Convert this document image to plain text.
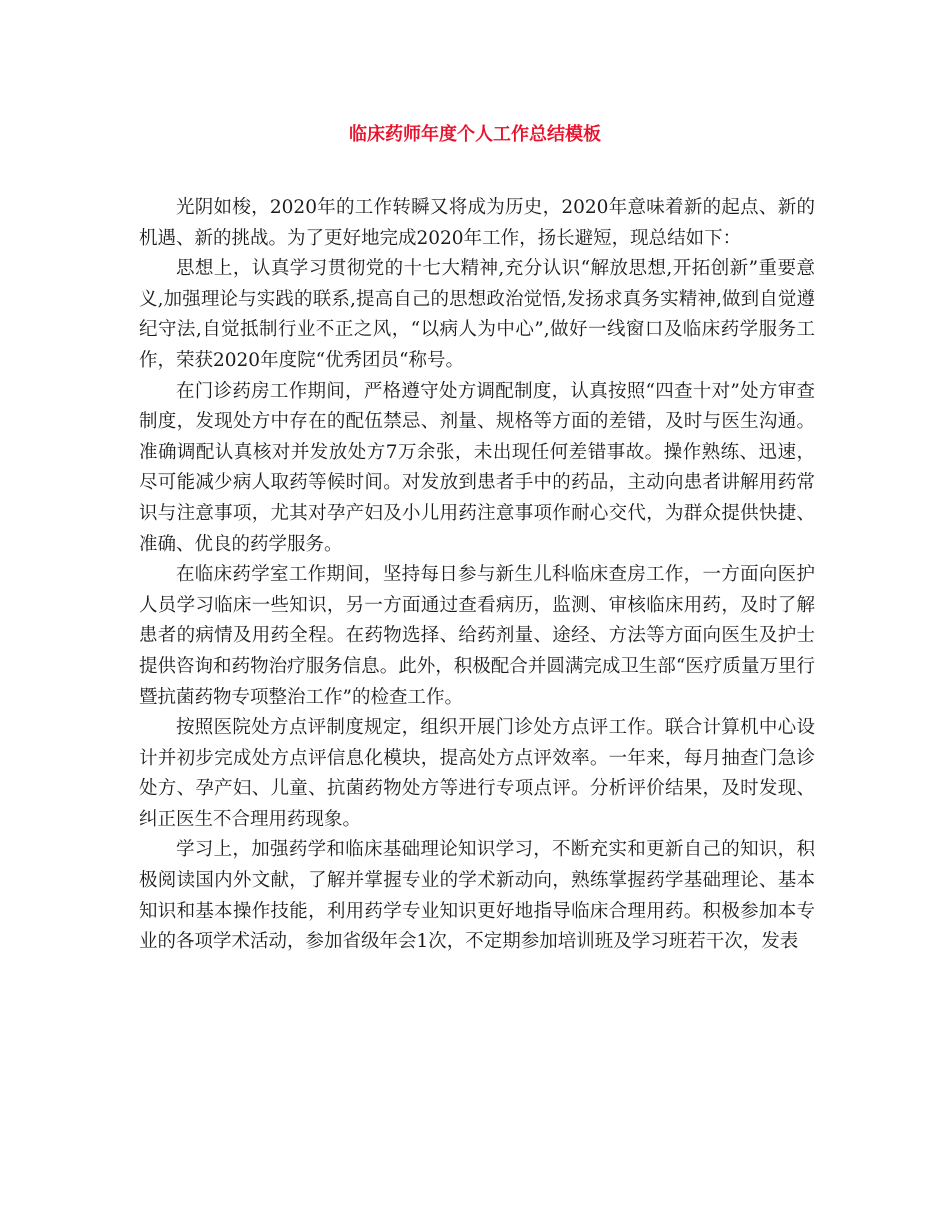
临床药师年度个人工作总结模板

光阴如梭，2020年的工作转瞬又将成为历史，2020年意味着新的起点、新的机遇、新的挑战。为了更好地完成2020年工作，扬长避短，现总结如下：

思想上，认真学习贯彻党的十七大精神,充分认识“解放思想,开拓创新”重要意义,加强理论与实践的联系,提高自己的思想政治觉悟,发扬求真务实精神,做到自觉遵纪守法,自觉抵制行业不正之风，“以病人为中心”,做好一线窗口及临床药学服务工作，荣获2020年度院“优秀团员“称号。

在门诊药房工作期间，严格遵守处方调配制度，认真按照“四查十对”处方审查制度，发现处方中存在的配伍禁忌、剂量、规格等方面的差错，及时与医生沟通。准确调配认真核对并发放处方7万余张，未出现任何差错事故。操作熟练、迅速，尽可能减少病人取药等候时间。对发放到患者手中的药品，主动向患者讲解用药常识与注意事项，尤其对孕产妇及小儿用药注意事项作耐心交代，为群众提供快捷、准确、优良的药学服务。

在临床药学室工作期间，坚持每日参与新生儿科临床查房工作，一方面向医护人员学习临床一些知识，另一方面通过查看病历，监测、审核临床用药，及时了解患者的病情及用药全程。在药物选择、给药剂量、途经、方法等方面向医生及护士提供咨询和药物治疗服务信息。此外，积极配合并圆满完成卫生部“医疗质量万里行暨抗菌药物专项整治工作”的检查工作。

按照医院处方点评制度规定，组织开展门诊处方点评工作。联合计算机中心设计并初步完成处方点评信息化模块，提高处方点评效率。一年来，每月抽查门急诊处方、孕产妇、儿童、抗菌药物处方等进行专项点评。分析评价结果，及时发现、纠正医生不合理用药现象。

学习上，加强药学和临床基础理论知识学习，不断充实和更新自己的知识，积极阅读国内外文献，了解并掌握专业的学术新动向，熟练掌握药学基础理论、基本知识和基本操作技能，利用药学专业知识更好地指导临床合理用药。积极参加本专业的各项学术活动，参加省级年会1次，不定期参加培训班及学习班若干次，发表
